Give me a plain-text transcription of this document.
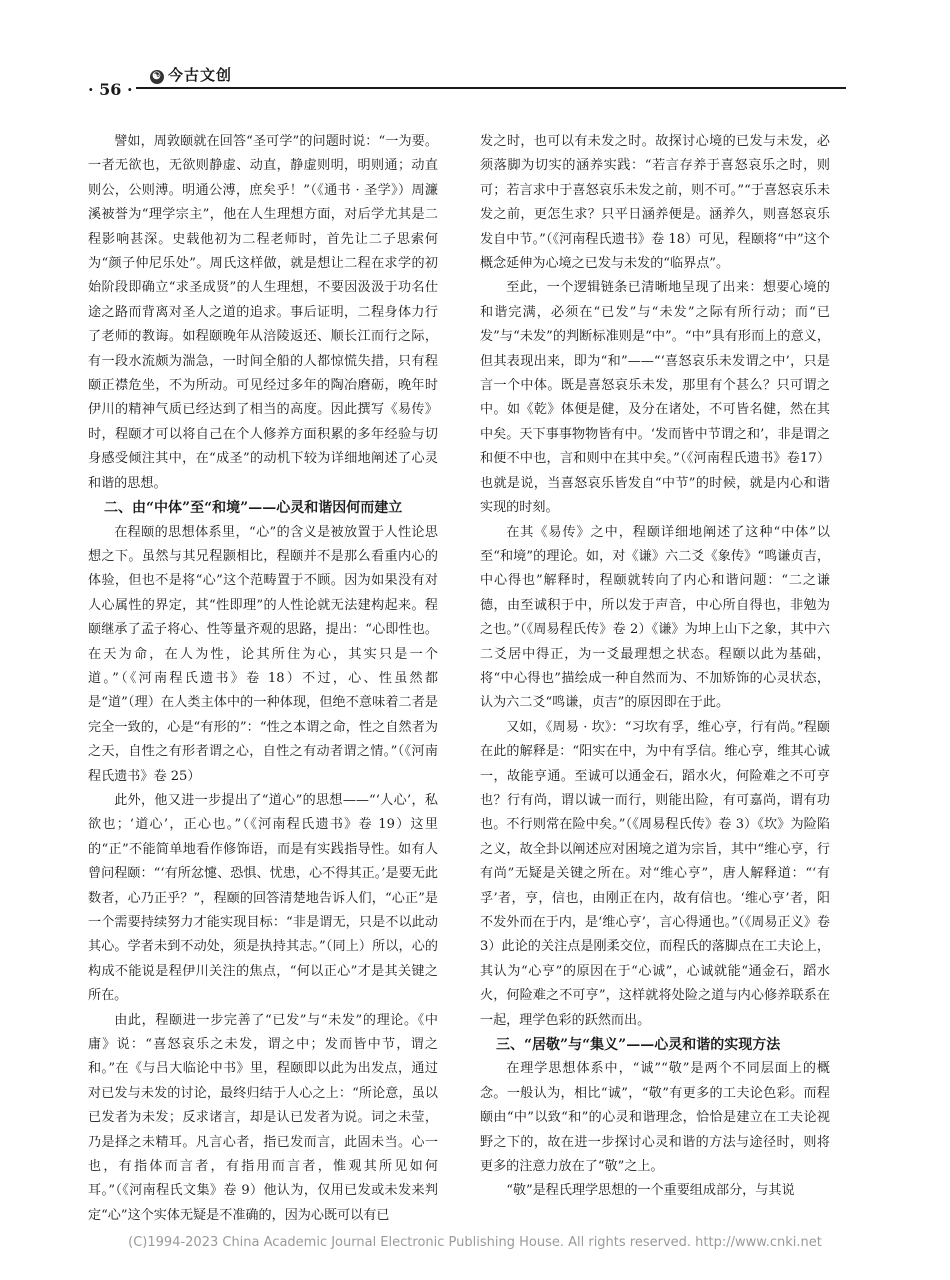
· 56 ·
☯ 今古文创

譬如，周敦颐就在回答“圣可学”的问题时说：“一为要。一者无欲也，无欲则静虚、动直，静虚则明，明则通；动直则公，公则溥。明通公溥，庶矣乎！”（《通书 · 圣学》）周濂溪被誉为“理学宗主”，他在人生理想方面，对后学尤其是二程影响甚深。史载他初为二程老师时，首先让二子思索何为“颜子仲尼乐处”。周氏这样做，就是想让二程在求学的初始阶段即确立“求圣成贤”的人生理想，不要因汲汲于功名仕途之路而背离对圣人之道的追求。事后证明，二程身体力行了老师的教诲。如程颐晚年从涪陵返还、顺长江而行之际，有一段水流颇为湍急，一时间全船的人都惊慌失措，只有程颐正襟危坐，不为所动。可见经过多年的陶冶磨砺，晚年时伊川的精神气质已经达到了相当的高度。因此撰写《易传》时，程颐才可以将自己在个人修养方面积累的多年经验与切身感受倾注其中，在“成圣”的动机下较为详细地阐述了心灵和谐的思想。

二、由“中体”至“和境”——心灵和谐因何而建立

在程颐的思想体系里，“心”的含义是被放置于人性论思想之下。虽然与其兄程颢相比，程颐并不是那么看重内心的体验，但也不是将“心”这个范畴置于不顾。因为如果没有对人心属性的界定，其“性即理”的人性论就无法建构起来。程颐继承了孟子将心、性等量齐观的思路，提出：“心即性也。在天为命，在人为性，论其所住为心，其实只是一个道。”（《河南程氏遗书》卷 18）不过，心、性虽然都是“道”（理）在人类主体中的一种体现，但绝不意味着二者是完全一致的，心是“有形的”：“性之本谓之命，性之自然者为之天，自性之有形者谓之心，自性之有动者谓之情。”（《河南程氏遗书》卷 25）

此外，他又进一步提出了“道心”的思想——“‘人心’，私欲也；‘道心’，正心也。”（《河南程氏遗书》卷 19）这里的“正”不能简单地看作修饰语，而是有实践指导性。如有人曾问程颐：“‘有所忿懥、恐惧、忧患，心不得其正。’是要无此数者，心乃正乎？”，程颐的回答清楚地告诉人们，“心正”是一个需要持续努力才能实现目标：“非是谓无，只是不以此动其心。学者未到不动处，须是执持其志。”（同上）所以，心的构成不能说是程伊川关注的焦点，“何以正心”才是其关键之所在。

由此，程颐进一步完善了“已发”与“未发”的理论。《中庸》说：“喜怒哀乐之未发，谓之中；发而皆中节，谓之和。”在《与吕大临论中书》里，程颐即以此为出发点，通过对已发与未发的讨论，最终归结于人心之上：“所论意，虽以已发者为未发；反求诸言，却是认已发者为说。词之未莹，乃是择之未精耳。凡言心者，指已发而言，此固未当。心一也，有指体而言者，有指用而言者，惟观其所见如何耳。”（《河南程氏文集》卷 9）他认为，仅用已发或未发来判定“心”这个实体无疑是不准确的，因为心既可以有已

发之时，也可以有未发之时。故探讨心境的已发与未发，必须落脚为切实的涵养实践：“若言存养于喜怒哀乐之时，则可；若言求中于喜怒哀乐未发之前，则不可。”“于喜怒哀乐未发之前，更怎生求？只平日涵养便是。涵养久，则喜怒哀乐发自中节。”（《河南程氏遗书》卷 18）可见，程颐将“中”这个概念延伸为心境之已发与未发的“临界点”。

至此，一个逻辑链条已清晰地呈现了出来：想要心境的和谐完满，必须在“已发”与“未发”之际有所行动；而“已发”与“未发”的判断标准则是“中”。“中”具有形而上的意义，但其表现出来，即为“和”——“‘喜怒哀乐未发谓之中’，只是言一个中体。既是喜怒哀乐未发，那里有个甚么？只可谓之中。如《乾》体便是健，及分在诸处，不可皆名健，然在其中矣。天下事事物物皆有中。‘发而皆中节谓之和’，非是谓之和便不中也，言和则中在其中矣。”（《河南程氏遗书》卷17）也就是说，当喜怒哀乐皆发自“中节”的时候，就是内心和谐实现的时刻。

在其《易传》之中，程颐详细地阐述了这种“中体”以至“和境”的理论。如，对《谦》六二爻《象传》“鸣谦贞吉，中心得也”解释时，程颐就转向了内心和谐问题：“二之谦德，由至诚积于中，所以发于声音，中心所自得也，非勉为之也。”（《周易程氏传》卷 2）《谦》为坤上山下之象，其中六二爻居中得正，为一爻最理想之状态。程颐以此为基础，将“中心得也”描绘成一种自然而为、不加矫饰的心灵状态，认为六二爻“鸣谦，贞吉”的原因即在于此。

又如，《周易 · 坎》：“习坎有孚，维心亨，行有尚。”程颐在此的解释是：“阳实在中，为中有孚信。维心亨，维其心诚一，故能亨通。至诚可以通金石，蹈水火，何险难之不可亨也？行有尚，谓以诚一而行，则能出险，有可嘉尚，谓有功也。不行则常在险中矣。”（《周易程氏传》卷 3）《坎》为险陷之义，故全卦以阐述应对困境之道为宗旨，其中“维心亨，行有尚”无疑是关键之所在。对“维心亨”，唐人解释道：“‘有孚’者，亨，信也，由刚正在内，故有信也。‘维心亨’者，阳不发外而在于内，是‘维心亨’，言心得通也。”（《周易正义》卷 3）此论的关注点是刚柔交位，而程氏的落脚点在工夫论上，其认为“心亨”的原因在于“心诚”，心诚就能“通金石，蹈水火，何险难之不可亨”，这样就将处险之道与内心修养联系在一起，理学色彩的跃然而出。

三、“居敬”与“集义”——心灵和谐的实现方法

在理学思想体系中，“诚”“敬”是两个不同层面上的概念。一般认为，相比“诚”，“敬”有更多的工夫论色彩。而程颐由“中”以致“和”的心灵和谐理念，恰恰是建立在工夫论视野之下的，故在进一步探讨心灵和谐的方法与途径时，则将更多的注意力放在了“敬”之上。

“敬”是程氏理学思想的一个重要组成部分，与其说

(C)1994-2023 China Academic Journal Electronic Publishing House. All rights reserved. http://www.cnki.net
